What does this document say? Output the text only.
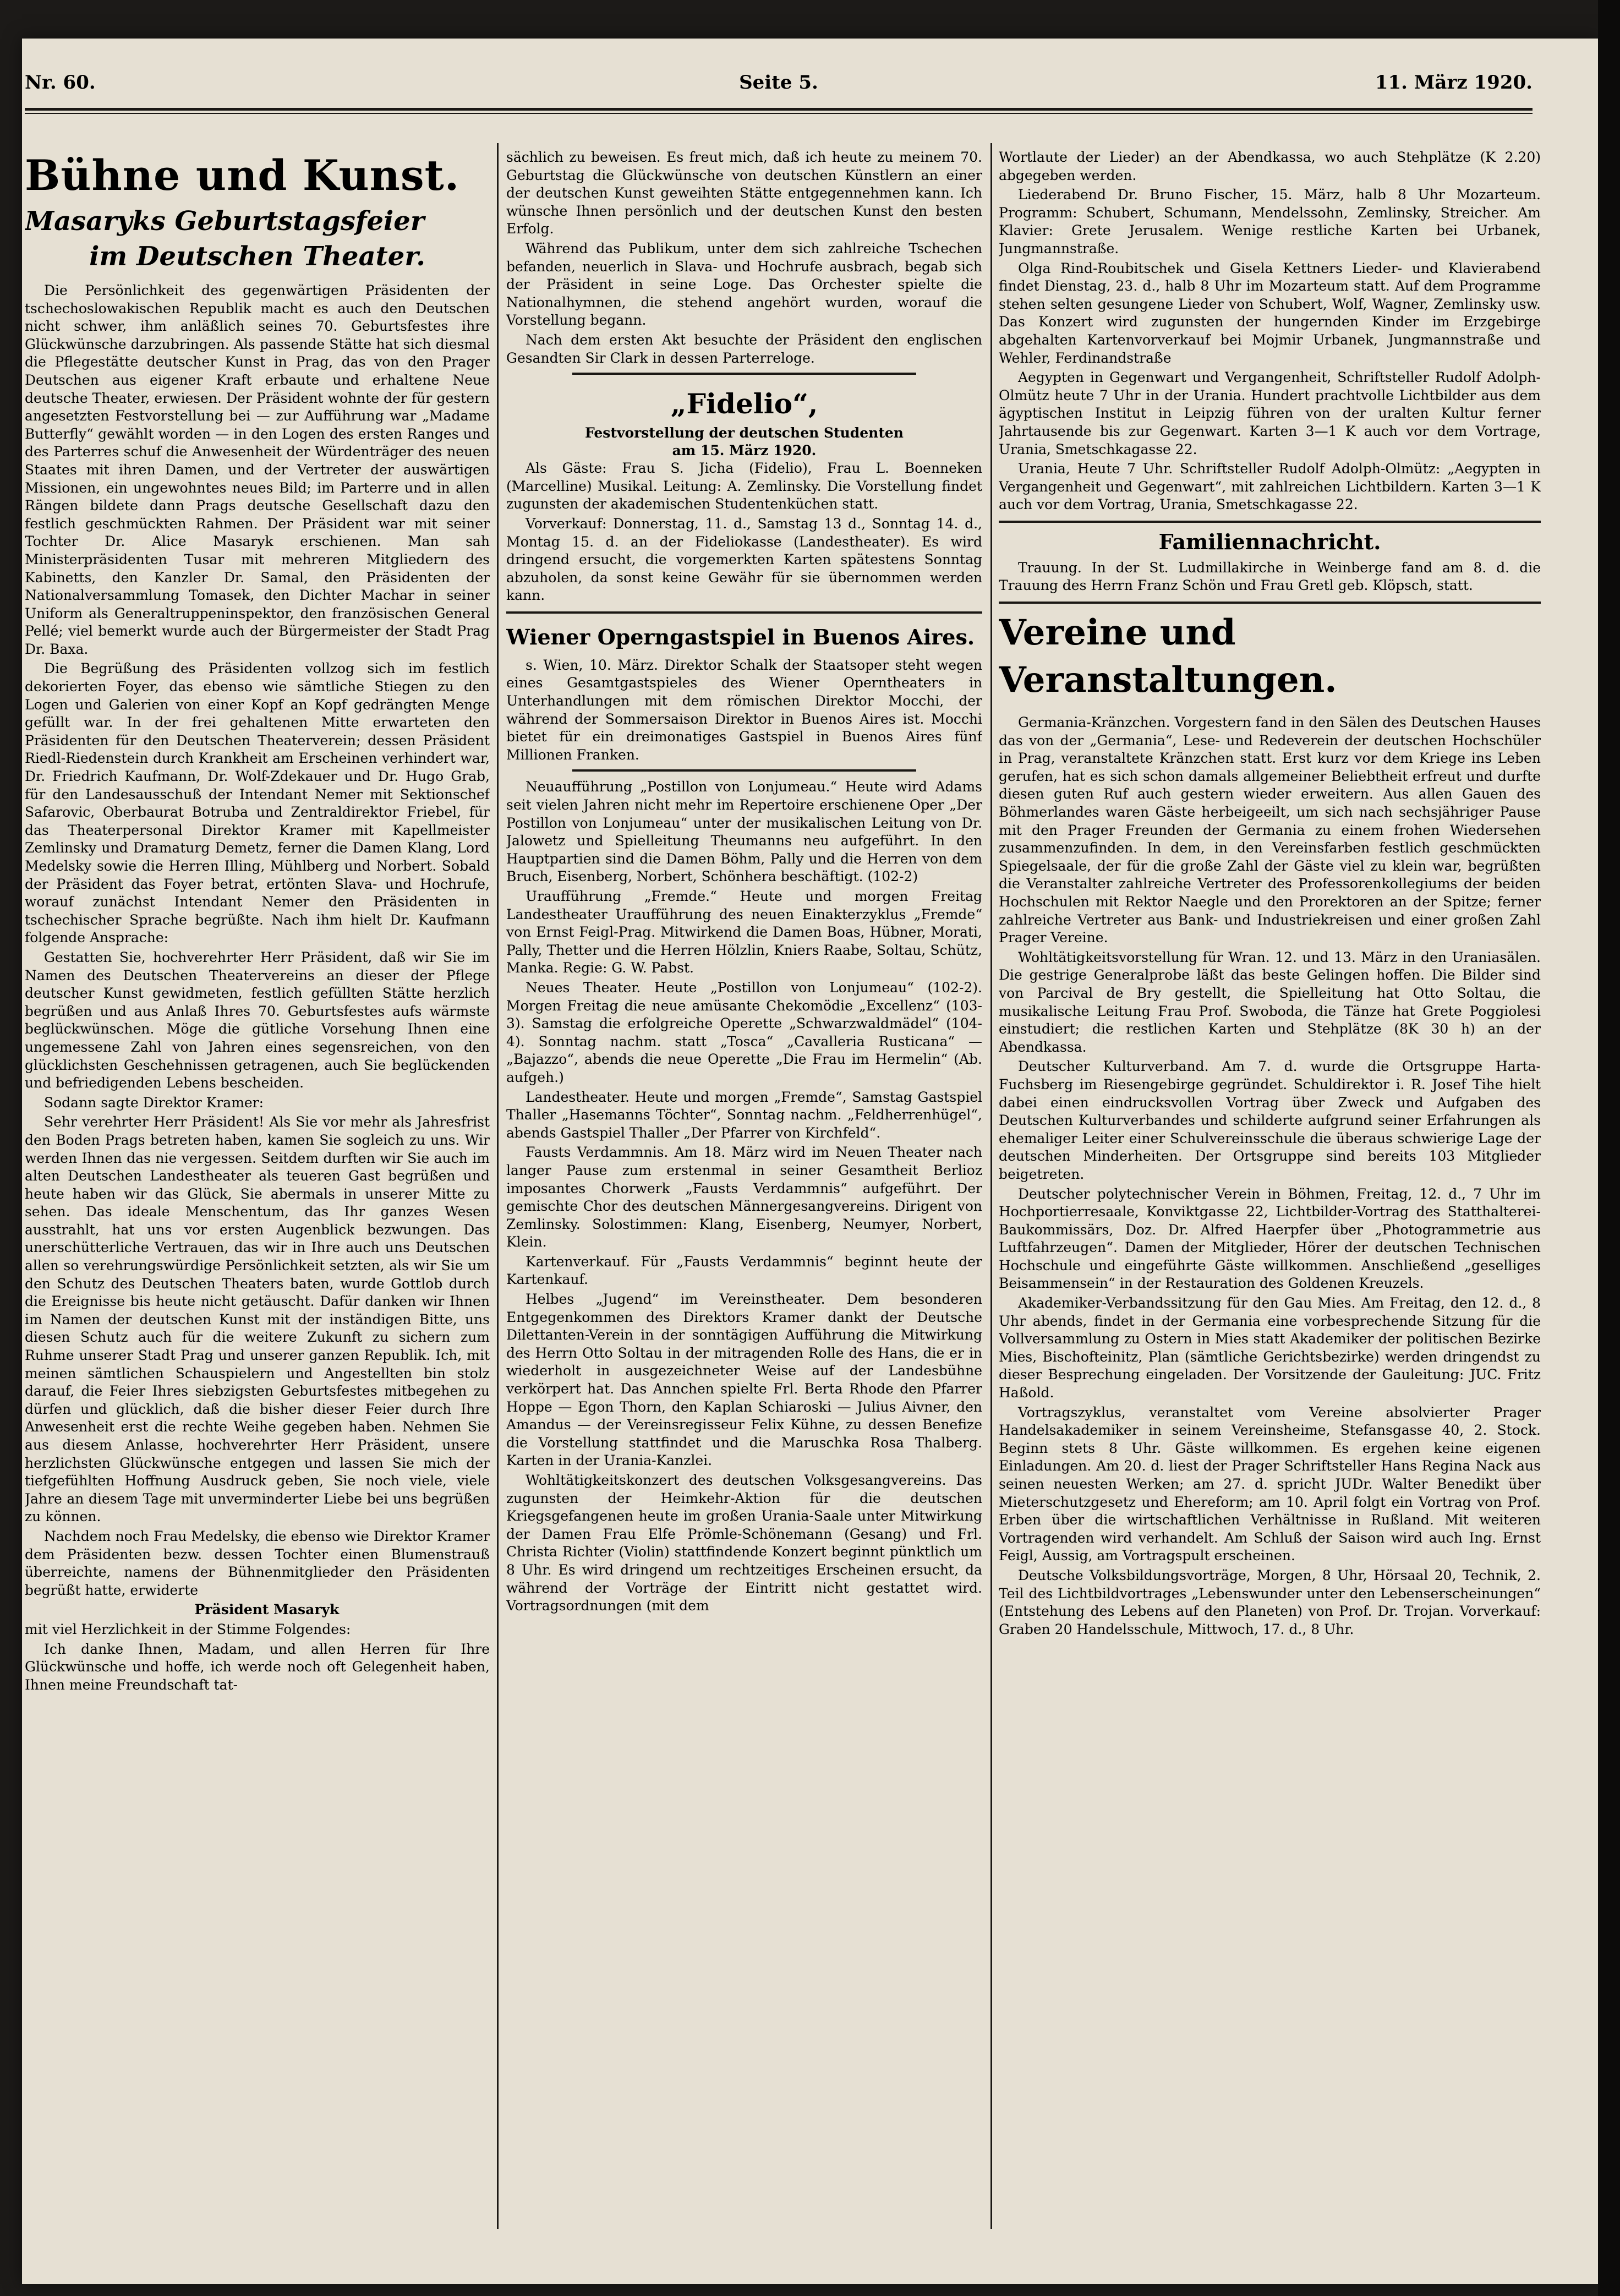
Nr. 60.	Seite 5.	11. März 1920.
Bühne und Kunst.
Masaryks Geburtstagsfeier
im Deutschen Theater.

Die Persönlichkeit des gegenwärtigen Präsidenten der tschechoslowakischen Republik macht es auch den Deutschen nicht schwer, ihm anläßlich seines 70. Geburtsfestes ihre Glückwünsche darzubringen. Als passende Stätte hat sich diesmal die Pflegestätte deutscher Kunst in Prag, das von den Prager Deutschen aus eigener Kraft erbaute und erhaltene Neue deutsche Theater, erwiesen. Der Präsident wohnte der für gestern angesetzten Festvorstellung bei — zur Aufführung war „Madame Butterfly“ gewählt worden — in den Logen des ersten Ranges und des Parterres schuf die Anwesenheit der Würdenträger des neuen Staates mit ihren Damen, und der Vertreter der auswärtigen Missionen, ein ungewohntes neues Bild; im Parterre und in allen Rängen bildete dann Prags deutsche Gesellschaft dazu den festlich geschmückten Rahmen. Der Präsident war mit seiner Tochter Dr. Alice Masaryk erschienen. Man sah Ministerpräsidenten Tusar mit mehreren Mitgliedern des Kabinetts, den Kanzler Dr. Samal, den Präsidenten der Nationalversammlung Tomasek, den Dichter Machar in seiner Uniform als Generaltruppeninspektor, den französischen General Pellé; viel bemerkt wurde auch der Bürgermeister der Stadt Prag Dr. Baxa.

Die Begrüßung des Präsidenten vollzog sich im festlich dekorierten Foyer, das ebenso wie sämtliche Stiegen zu den Logen und Galerien von einer Kopf an Kopf gedrängten Menge gefüllt war. In der frei gehaltenen Mitte erwarteten den Präsidenten für den Deutschen Theaterverein; dessen Präsident Riedl-Riedenstein durch Krankheit am Erscheinen verhindert war, Dr. Friedrich Kaufmann, Dr. Wolf-Zdekauer und Dr. Hugo Grab, für den Landesausschuß der Intendant Nemer mit Sektionschef Safarovic, Oberbaurat Botruba und Zentraldirektor Friebel, für das Theaterpersonal Direktor Kramer mit Kapellmeister Zemlinsky und Dramaturg Demetz, ferner die Damen Klang, Lord Medelsky sowie die Herren Illing, Mühlberg und Norbert. Sobald der Präsident das Foyer betrat, ertönten Slava- und Hochrufe, worauf zunächst Intendant Nemer den Präsidenten in tschechischer Sprache begrüßte. Nach ihm hielt Dr. Kaufmann folgende Ansprache:

Gestatten Sie, hochverehrter Herr Präsident, daß wir Sie im Namen des Deutschen Theatervereins an dieser der Pflege deutscher Kunst gewidmeten, festlich gefüllten Stätte herzlich begrüßen und aus Anlaß Ihres 70. Geburtsfestes aufs wärmste beglückwünschen. Möge die gütliche Vorsehung Ihnen eine ungemessene Zahl von Jahren eines segensreichen, von den glücklichsten Geschehnissen getragenen, auch Sie beglückenden und befriedigenden Lebens bescheiden.

Sodann sagte Direktor Kramer:

Sehr verehrter Herr Präsident! Als Sie vor mehr als Jahresfrist den Boden Prags betreten haben, kamen Sie sogleich zu uns. Wir werden Ihnen das nie vergessen. Seitdem durften wir Sie auch im alten Deutschen Landestheater als teueren Gast begrüßen und heute haben wir das Glück, Sie abermals in unserer Mitte zu sehen. Das ideale Menschentum, das Ihr ganzes Wesen ausstrahlt, hat uns vor ersten Augenblick bezwungen. Das unerschütterliche Vertrauen, das wir in Ihre auch uns Deutschen allen so verehrungswürdige Persönlichkeit setzten, als wir Sie um den Schutz des Deutschen Theaters baten, wurde Gottlob durch die Ereignisse bis heute nicht getäuscht. Dafür danken wir Ihnen im Namen der deutschen Kunst mit der inständigen Bitte, uns diesen Schutz auch für die weitere Zukunft zu sichern zum Ruhme unserer Stadt Prag und unserer ganzen Republik. Ich, mit meinen sämtlichen Schauspielern und Angestellten bin stolz darauf, die Feier Ihres siebzigsten Geburtsfestes mitbegehen zu dürfen und glücklich, daß die bisher dieser Feier durch Ihre Anwesenheit erst die rechte Weihe gegeben haben. Nehmen Sie aus diesem Anlasse, hochverehrter Herr Präsident, unsere herzlichsten Glückwünsche entgegen und lassen Sie mich der tiefgefühlten Hoffnung Ausdruck geben, Sie noch viele, viele Jahre an diesem Tage mit unverminderter Liebe bei uns begrüßen zu können.

Nachdem noch Frau Medelsky, die ebenso wie Direktor Kramer dem Präsidenten bezw. dessen Tochter einen Blumenstrauß überreichte, namens der Bühnenmitglieder den Präsidenten begrüßt hatte, erwiderte

Präsident Masaryk

mit viel Herzlichkeit in der Stimme Folgendes:

Ich danke Ihnen, Madam, und allen Herren für Ihre Glückwünsche und hoffe, ich werde noch oft Gelegenheit haben, Ihnen meine Freundschaft tat-

sächlich zu beweisen. Es freut mich, daß ich heute zu meinem 70. Geburtstag die Glückwünsche von deutschen Künstlern an einer der deutschen Kunst geweihten Stätte entgegennehmen kann. Ich wünsche Ihnen persönlich und der deutschen Kunst den besten Erfolg.

Während das Publikum, unter dem sich zahlreiche Tschechen befanden, neuerlich in Slava- und Hochrufe ausbrach, begab sich der Präsident in seine Loge. Das Orchester spielte die Nationalhymnen, die stehend angehört wurden, worauf die Vorstellung begann.

Nach dem ersten Akt besuchte der Präsident den englischen Gesandten Sir Clark in dessen Parterreloge.

„Fidelio“,
Festvorstellung der deutschen Studenten
am 15. März 1920.

Als Gäste: Frau S. Jicha (Fidelio), Frau L. Boenneken (Marcelline) Musikal. Leitung: A. Zemlinsky. Die Vorstellung findet zugunsten der akademischen Studentenküchen statt.

Vorverkauf: Donnerstag, 11. d., Samstag 13 d., Sonntag 14. d., Montag 15. d. an der Fideliokasse (Landestheater). Es wird dringend ersucht, die vorgemerkten Karten spätestens Sonntag abzuholen, da sonst keine Gewähr für sie übernommen werden kann.

Wiener Operngastspiel in Buenos Aires.

s. Wien, 10. März. Direktor Schalk der Staatsoper steht wegen eines Gesamtgastspieles des Wiener Operntheaters in Unterhandlungen mit dem römischen Direktor Mocchi, der während der Sommersaison Direktor in Buenos Aires ist. Mocchi bietet für ein dreimonatiges Gastspiel in Buenos Aires fünf Millionen Franken.

Neuaufführung „Postillon von Lonjumeau.“ Heute wird Adams seit vielen Jahren nicht mehr im Repertoire erschienene Oper „Der Postillon von Lonjumeau“ unter der musikalischen Leitung von Dr. Jalowetz und Spielleitung Theumanns neu aufgeführt. In den Hauptpartien sind die Damen Böhm, Pally und die Herren von dem Bruch, Eisenberg, Norbert, Schönhera beschäftigt. (102-2)

Uraufführung „Fremde.“ Heute und morgen Freitag Landestheater Uraufführung des neuen Einakterzyklus „Fremde“ von Ernst Feigl-Prag. Mitwirkend die Damen Boas, Hübner, Morati, Pally, Thetter und die Herren Hölzlin, Kniers Raabe, Soltau, Schütz, Manka. Regie: G. W. Pabst.

Neues Theater. Heute „Postillon von Lonjumeau“ (102-2). Morgen Freitag die neue amüsante Chekomödie „Excellenz“ (103-3). Samstag die erfolgreiche Operette „Schwarzwaldmädel“ (104-4). Sonntag nachm. statt „Tosca“ „Cavalleria Rusticana“ — „Bajazzo“, abends die neue Operette „Die Frau im Hermelin“ (Ab. aufgeh.)

Landestheater. Heute und morgen „Fremde“, Samstag Gastspiel Thaller „Hasemanns Töchter“, Sonntag nachm. „Feldherrenhügel“, abends Gastspiel Thaller „Der Pfarrer von Kirchfeld“.

Fausts Verdammnis. Am 18. März wird im Neuen Theater nach langer Pause zum erstenmal in seiner Gesamtheit Berlioz imposantes Chorwerk „Fausts Verdammnis“ aufgeführt. Der gemischte Chor des deutschen Männergesangvereins. Dirigent von Zemlinsky. Solostimmen: Klang, Eisenberg, Neumyer, Norbert, Klein.

Kartenverkauf. Für „Fausts Verdammnis“ beginnt heute der Kartenkauf.

Helbes „Jugend“ im Vereinstheater. Dem besonderen Entgegenkommen des Direktors Kramer dankt der Deutsche Dilettanten-Verein in der sonntägigen Aufführung die Mitwirkung des Herrn Otto Soltau in der mitragenden Rolle des Hans, die er in wiederholt in ausgezeichneter Weise auf der Landesbühne verkörpert hat. Das Annchen spielte Frl. Berta Rhode den Pfarrer Hoppe — Egon Thorn, den Kaplan Schiaroski — Julius Aivner, den Amandus — der Vereinsregisseur Felix Kühne, zu dessen Benefize die Vorstellung stattfindet und die Maruschka Rosa Thalberg. Karten in der Urania-Kanzlei.

Wohltätigkeitskonzert des deutschen Volksgesangvereins. Das zugunsten der Heimkehr-Aktion für die deutschen Kriegsgefangenen heute im großen Urania-Saale unter Mitwirkung der Damen Frau Elfe Prömle-Schönemann (Gesang) und Frl. Christa Richter (Violin) stattfindende Konzert beginnt pünktlich um 8 Uhr. Es wird dringend um rechtzeitiges Erscheinen ersucht, da während der Vorträge der Eintritt nicht gestattet wird. Vortragsordnungen (mit dem

Wortlaute der Lieder) an der Abendkassa, wo auch Stehplätze (K 2.20) abgegeben werden.

Liederabend Dr. Bruno Fischer, 15. März, halb 8 Uhr Mozarteum. Programm: Schubert, Schumann, Mendelssohn, Zemlinsky, Streicher. Am Klavier: Grete Jerusalem. Wenige restliche Karten bei Urbanek, Jungmannstraße.

Olga Rind-Roubitschek und Gisela Kettners Lieder- und Klavierabend findet Dienstag, 23. d., halb 8 Uhr im Mozarteum statt. Auf dem Programme stehen selten gesungene Lieder von Schubert, Wolf, Wagner, Zemlinsky usw. Das Konzert wird zugunsten der hungernden Kinder im Erzgebirge abgehalten Kartenvorverkauf bei Mojmir Urbanek, Jungmannstraße und Wehler, Ferdinandstraße

Aegypten in Gegenwart und Vergangenheit, Schriftsteller Rudolf Adolph-Olmütz heute 7 Uhr in der Urania. Hundert prachtvolle Lichtbilder aus dem ägyptischen Institut in Leipzig führen von der uralten Kultur ferner Jahrtausende bis zur Gegenwart. Karten 3—1 K auch vor dem Vortrage, Urania, Smetschkagasse 22.

Urania, Heute 7 Uhr. Schriftsteller Rudolf Adolph-Olmütz: „Aegypten in Vergangenheit und Gegenwart“, mit zahlreichen Lichtbildern. Karten 3—1 K auch vor dem Vortrag, Urania, Smetschkagasse 22.

Familiennachricht.

Trauung. In der St. Ludmillakirche in Weinberge fand am 8. d. die Trauung des Herrn Franz Schön und Frau Gretl geb. Klöpsch, statt.

Vereine und Veranstaltungen.

Germania-Kränzchen. Vorgestern fand in den Sälen des Deutschen Hauses das von der „Germania“, Lese- und Redeverein der deutschen Hochschüler in Prag, veranstaltete Kränzchen statt. Erst kurz vor dem Kriege ins Leben gerufen, hat es sich schon damals allgemeiner Beliebtheit erfreut und durfte diesen guten Ruf auch gestern wieder erweitern. Aus allen Gauen des Böhmerlandes waren Gäste herbeigeeilt, um sich nach sechsjähriger Pause mit den Prager Freunden der Germania zu einem frohen Wiedersehen zusammenzufinden. In dem, in den Vereinsfarben festlich geschmückten Spiegelsaale, der für die große Zahl der Gäste viel zu klein war, begrüßten die Veranstalter zahlreiche Vertreter des Professorenkollegiums der beiden Hochschulen mit Rektor Naegle und den Prorektoren an der Spitze; ferner zahlreiche Vertreter aus Bank- und Industriekreisen und einer großen Zahl Prager Vereine.

Wohltätigkeitsvorstellung für Wran. 12. und 13. März in den Uraniasälen. Die gestrige Generalprobe läßt das beste Gelingen hoffen. Die Bilder sind von Parcival de Bry gestellt, die Spielleitung hat Otto Soltau, die musikalische Leitung Frau Prof. Swoboda, die Tänze hat Grete Poggiolesi einstudiert; die restlichen Karten und Stehplätze (8K 30 h) an der Abendkassa.

Deutscher Kulturverband. Am 7. d. wurde die Ortsgruppe Harta-Fuchsberg im Riesengebirge gegründet. Schuldirektor i. R. Josef Tihe hielt dabei einen eindrucksvollen Vortrag über Zweck und Aufgaben des Deutschen Kulturverbandes und schilderte aufgrund seiner Erfahrungen als ehemaliger Leiter einer Schulvereinsschule die überaus schwierige Lage der deutschen Minderheiten. Der Ortsgruppe sind bereits 103 Mitglieder beigetreten.

Deutscher polytechnischer Verein in Böhmen, Freitag, 12. d., 7 Uhr im Hochportierresaale, Konviktgasse 22, Lichtbilder-Vortrag des Statthalterei-Baukommissärs, Doz. Dr. Alfred Haerpfer über „Photogrammetrie aus Luftfahrzeugen“. Damen der Mitglieder, Hörer der deutschen Technischen Hochschule und eingeführte Gäste willkommen. Anschließend „geselliges Beisammensein“ in der Restauration des Goldenen Kreuzels.

Akademiker-Verbandssitzung für den Gau Mies. Am Freitag, den 12. d., 8 Uhr abends, findet in der Germania eine vorbesprechende Sitzung für die Vollversammlung zu Ostern in Mies statt Akademiker der politischen Bezirke Mies, Bischofteinitz, Plan (sämtliche Gerichtsbezirke) werden dringendst zu dieser Besprechung eingeladen. Der Vorsitzende der Gauleitung: JUC. Fritz Haßold.

Vortragszyklus, veranstaltet vom Vereine absolvierter Prager Handelsakademiker in seinem Vereinsheime, Stefansgasse 40, 2. Stock. Beginn stets 8 Uhr. Gäste willkommen. Es ergehen keine eigenen Einladungen. Am 20. d. liest der Prager Schriftsteller Hans Regina Nack aus seinen neuesten Werken; am 27. d. spricht JUDr. Walter Benedikt über Mieterschutzgesetz und Ehereform; am 10. April folgt ein Vortrag von Prof. Erben über die wirtschaftlichen Verhältnisse in Rußland. Mit weiteren Vortragenden wird verhandelt. Am Schluß der Saison wird auch Ing. Ernst Feigl, Aussig, am Vortragspult erscheinen.

Deutsche Volksbildungsvorträge, Morgen, 8 Uhr, Hörsaal 20, Technik, 2. Teil des Lichtbildvortrages „Lebenswunder unter den Lebenserscheinungen“ (Entstehung des Lebens auf den Planeten) von Prof. Dr. Trojan. Vorverkauf: Graben 20 Handelsschule, Mittwoch, 17. d., 8 Uhr.
